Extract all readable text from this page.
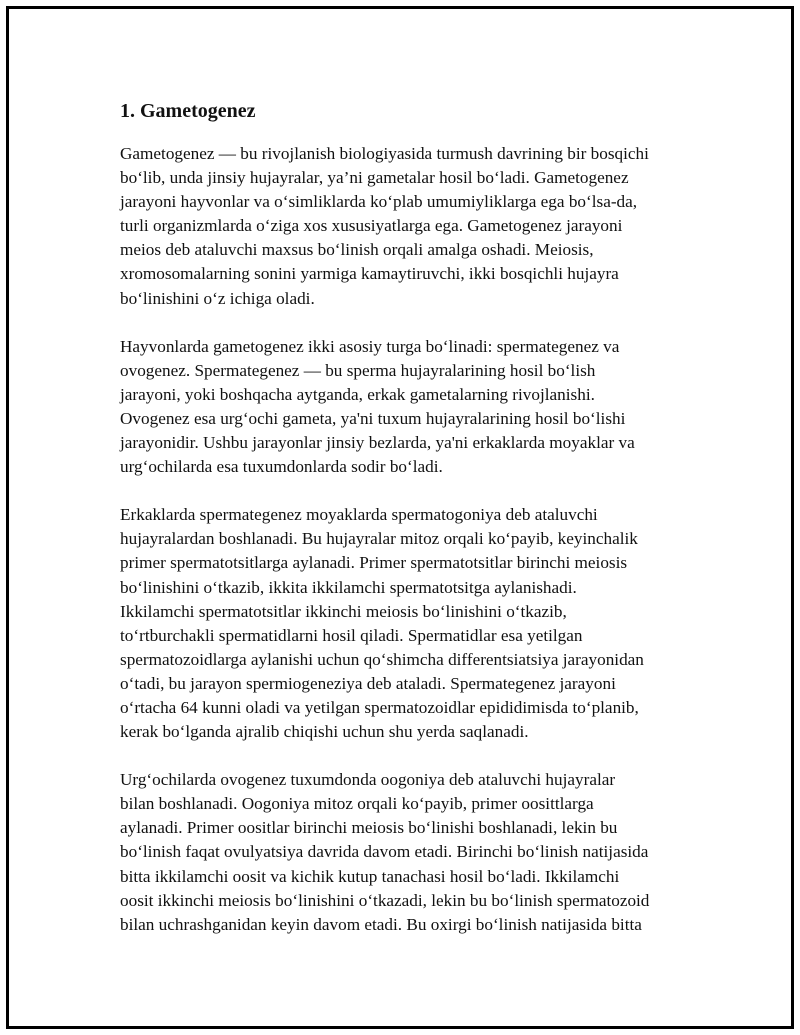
1. Gametogenez

Gametogenez — bu rivojlanish biologiyasida turmush davrining bir bosqichi
bo‘lib, unda jinsiy hujayralar, ya’ni gametalar hosil bo‘ladi. Gametogenez
jarayoni hayvonlar va o‘simliklarda ko‘plab umumiyliklarga ega bo‘lsa-da,
turli organizmlarda o‘ziga xos xususiyatlarga ega. Gametogenez jarayoni
meios deb ataluvchi maxsus bo‘linish orqali amalga oshadi. Meiosis,
xromosomalarning sonini yarmiga kamaytiruvchi, ikki bosqichli hujayra
bo‘linishini o‘z ichiga oladi.

Hayvonlarda gametogenez ikki asosiy turga bo‘linadi: spermategenez va
ovogenez. Spermategenez — bu sperma hujayralarining hosil bo‘lish
jarayoni, yoki boshqacha aytganda, erkak gametalarning rivojlanishi.
Ovogenez esa urg‘ochi gameta, ya'ni tuxum hujayralarining hosil bo‘lishi
jarayonidir. Ushbu jarayonlar jinsiy bezlarda, ya'ni erkaklarda moyaklar va
urg‘ochilarda esa tuxumdonlarda sodir bo‘ladi.

Erkaklarda spermategenez moyaklarda spermatogoniya deb ataluvchi
hujayralardan boshlanadi. Bu hujayralar mitoz orqali ko‘payib, keyinchalik
primer spermatotsitlarga aylanadi. Primer spermatotsitlar birinchi meiosis
bo‘linishini o‘tkazib, ikkita ikkilamchi spermatotsitga aylanishadi.
Ikkilamchi spermatotsitlar ikkinchi meiosis bo‘linishini o‘tkazib,
to‘rtburchakli spermatidlarni hosil qiladi. Spermatidlar esa yetilgan
spermatozoidlarga aylanishi uchun qo‘shimcha differentsiatsiya jarayonidan
o‘tadi, bu jarayon spermiogeneziya deb ataladi. Spermategenez jarayoni
o‘rtacha 64 kunni oladi va yetilgan spermatozoidlar epididimisda to‘planib,
kerak bo‘lganda ajralib chiqishi uchun shu yerda saqlanadi.

Urg‘ochilarda ovogenez tuxumdonda oogoniya deb ataluvchi hujayralar
bilan boshlanadi. Oogoniya mitoz orqali ko‘payib, primer oosittlarga
aylanadi. Primer oositlar birinchi meiosis bo‘linishi boshlanadi, lekin bu
bo‘linish faqat ovulyatsiya davrida davom etadi. Birinchi bo‘linish natijasida
bitta ikkilamchi oosit va kichik kutup tanachasi hosil bo‘ladi. Ikkilamchi
oosit ikkinchi meiosis bo‘linishini o‘tkazadi, lekin bu bo‘linish spermatozoid
bilan uchrashganidan keyin davom etadi. Bu oxirgi bo‘linish natijasida bitta
